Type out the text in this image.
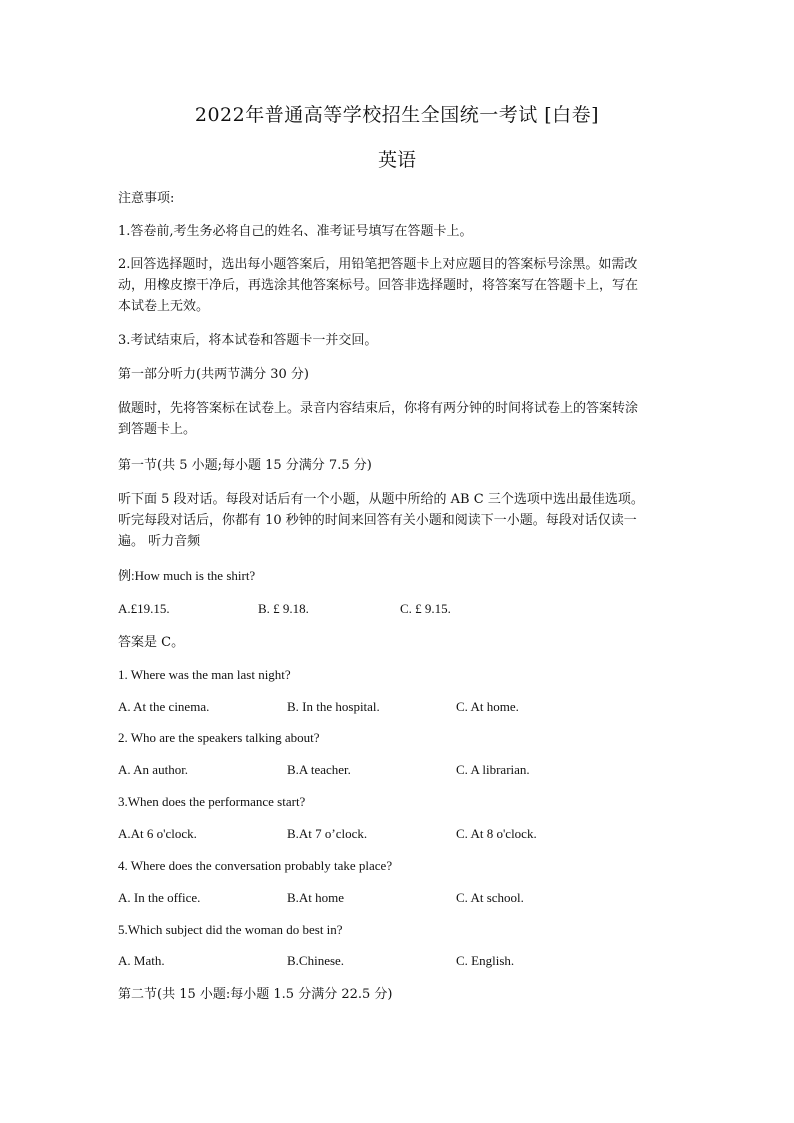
2022年普通高等学校招生全国统一考试 [白卷]
英语
注意事项:
1.答卷前,考生务必将自己的姓名、准考证号填写在答题卡上。
2.回答选择题时，选出每小题答案后，用铅笔把答题卡上对应题目的答案标号涂黑。如需改
动，用橡皮擦干净后，再选涂其他答案标号。回答非选择题时，将答案写在答题卡上，写在
本试卷上无效。
3.考试结束后，将本试卷和答题卡一并交回。
第一部分听力(共两节满分 30 分)
做题时，先将答案标在试卷上。录音内容结束后，你将有两分钟的时间将试卷上的答案转涂
到答题卡上。
第一节(共 5 小题;每小题 15 分满分 7.5 分)
听下面 5 段对话。每段对话后有一个小题，从题中所给的 AB C 三个选项中选出最佳选项。
听完每段对话后，你都有 10 秒钟的时间来回答有关小题和阅读下一小题。每段对话仅读一
遍。 听力音频
例:How much is the shirt?
A.£19.15.	B. £ 9.18.	C. £ 9.15.
答案是 C。
1. Where was the man last night?
A. At the cinema.	B. In the hospital.	C. At home.
2. Who are the speakers talking about?
A. An author.	B.A teacher.	C. A librarian.
3.When does the performance start?
A.At 6 o'clock.	B.At 7 o’clock.	C. At 8 o'clock.
4. Where does the conversation probably take place?
A. In the office.	B.At home	C. At school.
5.Which subject did the woman do best in?
A. Math.	B.Chinese.	C. English.
第二节(共 15 小题:每小题 1.5 分满分 22.5 分)
